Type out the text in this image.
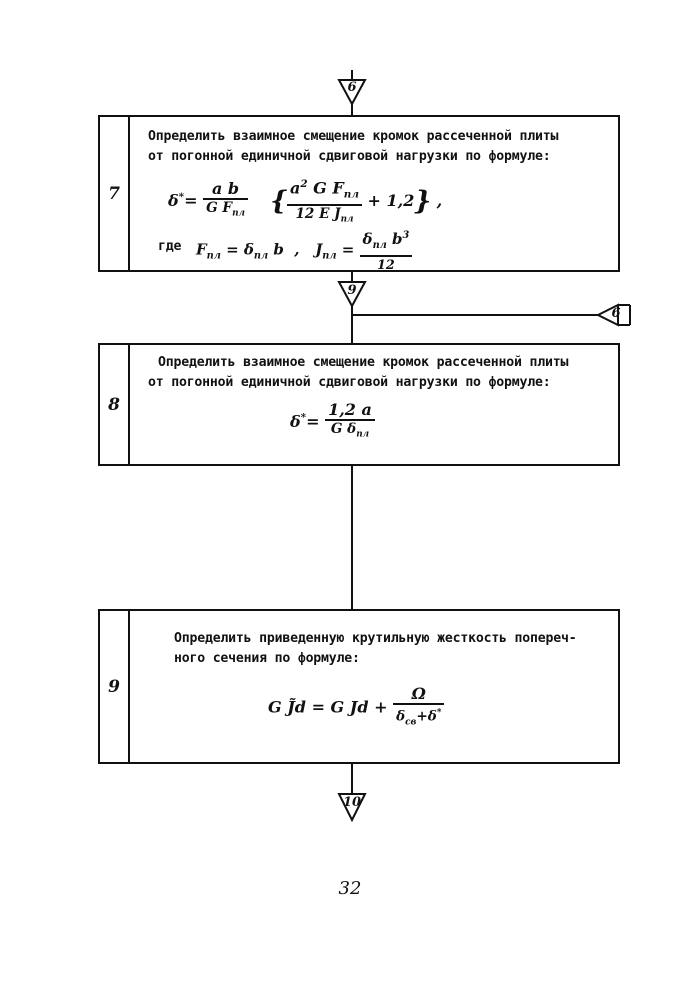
6
9
6
10
7
Определить взаимное смещение кромок рассеченной плиты
от погонной единичной сдвиговой нагрузки по формуле:
$\delta^*= \frac{\text{a b}}{G F_{пл}}$ { $\frac{a^2 G F_{пл}}{12 E J_{пл}} + 1,2$} ,
где $F_{пл} = \delta_{пл}$ b  ,   $J_{пл} = \frac{\delta_{пл} b^3}{12}$
8
Определить взаимное смещение кромок рассеченной плиты
от погонной единичной сдвиговой нагрузки по формуле:
$\delta^*= \frac{1,2 a}{G \delta_{пл}}$
9
Определить приведенную крутильную жесткость попереч-
ного сечения по формуле:
G J̃d = G $Jd + \frac{\Omega}{\delta_{св}+\delta^*}$
32
